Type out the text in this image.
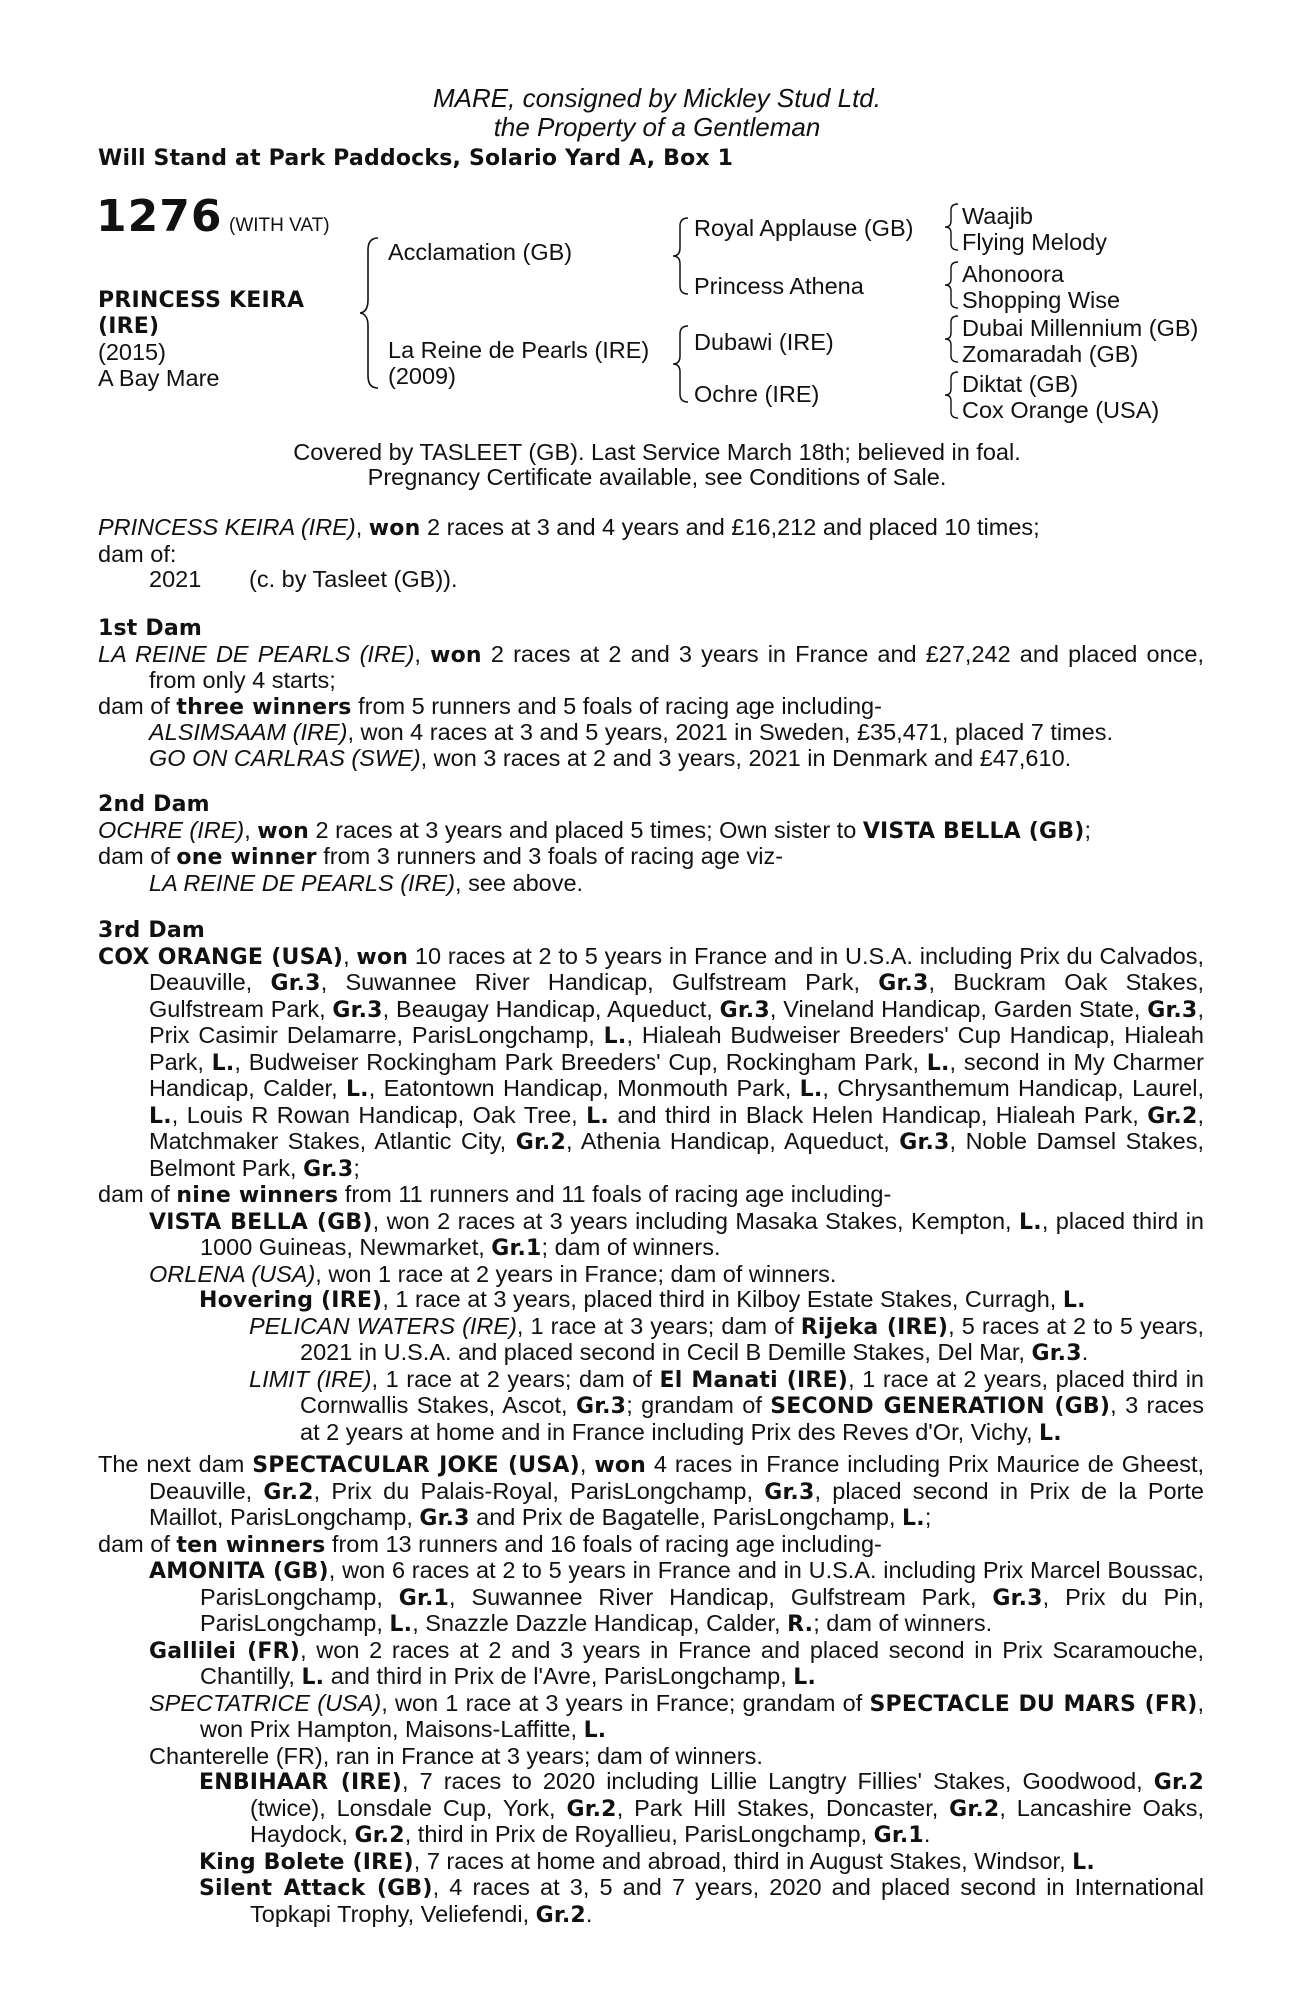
MARE, consigned by Mickley Stud Ltd.
the Property of a Gentleman
Will Stand at Park Paddocks, Solario Yard A, Box 1
1276 (WITH VAT)
PRINCESS KEIRA
(IRE)
(2015)
A Bay Mare
Acclamation (GB)
La Reine de Pearls (IRE)
(2009)
Royal Applause (GB)
Princess Athena
Dubawi (IRE)
Ochre (IRE)
Waajib
Flying Melody
Ahonoora
Shopping Wise
Dubai Millennium (GB)
Zomaradah (GB)
Diktat (GB)
Cox Orange (USA)
Covered by TASLEET (GB). Last Service March 18th; believed in foal.
Pregnancy Certificate available, see Conditions of Sale.

PRINCESS KEIRA (IRE), won 2 races at 3 and 4 years and £16,212 and placed 10 times;

dam of:

2021 (c. by Tasleet (GB)).

1st Dam

LA REINE DE PEARLS (IRE), won 2 races at 2 and 3 years in France and £27,242 and placed once, from only 4 starts;

dam of three winners from 5 runners and 5 foals of racing age including-

ALSIMSAAM (IRE), won 4 races at 3 and 5 years, 2021 in Sweden, £35,471, placed 7 times.

GO ON CARLRAS (SWE), won 3 races at 2 and 3 years, 2021 in Denmark and £47,610.

2nd Dam

OCHRE (IRE), won 2 races at 3 years and placed 5 times; Own sister to VISTA BELLA (GB);

dam of one winner from 3 runners and 3 foals of racing age viz-

LA REINE DE PEARLS (IRE), see above.

3rd Dam

COX ORANGE (USA), won 10 races at 2 to 5 years in France and in U.S.A. including Prix du Calvados, Deauville, Gr.3, Suwannee River Handicap, Gulfstream Park, Gr.3, Buckram Oak Stakes, Gulfstream Park, Gr.3, Beaugay Handicap, Aqueduct, Gr.3, Vineland Handicap, Garden State, Gr.3, Prix Casimir Delamarre, ParisLongchamp, L., Hialeah Budweiser Breeders' Cup Handicap, Hialeah Park, L., Budweiser Rockingham Park Breeders' Cup, Rockingham Park, L., second in My Charmer Handicap, Calder, L., Eatontown Handicap, Monmouth Park, L., Chrysanthemum Handicap, Laurel, L., Louis R Rowan Handicap, Oak Tree, L. and third in Black Helen Handicap, Hialeah Park, Gr.2, Matchmaker Stakes, Atlantic City, Gr.2, Athenia Handicap, Aqueduct, Gr.3, Noble Damsel Stakes, Belmont Park, Gr.3;

dam of nine winners from 11 runners and 11 foals of racing age including-

VISTA BELLA (GB), won 2 races at 3 years including Masaka Stakes, Kempton, L., placed third in 1000 Guineas, Newmarket, Gr.1; dam of winners.

ORLENA (USA), won 1 race at 2 years in France; dam of winners.

Hovering (IRE), 1 race at 3 years, placed third in Kilboy Estate Stakes, Curragh, L.

PELICAN WATERS (IRE), 1 race at 3 years; dam of Rijeka (IRE), 5 races at 2 to 5 years, 2021 in U.S.A. and placed second in Cecil B Demille Stakes, Del Mar, Gr.3.

LIMIT (IRE), 1 race at 2 years; dam of El Manati (IRE), 1 race at 2 years, placed third in Cornwallis Stakes, Ascot, Gr.3; grandam of SECOND GENERATION (GB), 3 races at 2 years at home and in France including Prix des Reves d'Or, Vichy, L.

The next dam SPECTACULAR JOKE (USA), won 4 races in France including Prix Maurice de Gheest, Deauville, Gr.2, Prix du Palais-Royal, ParisLongchamp, Gr.3, placed second in Prix de la Porte Maillot, ParisLongchamp, Gr.3 and Prix de Bagatelle, ParisLongchamp, L.;

dam of ten winners from 13 runners and 16 foals of racing age including-

AMONITA (GB), won 6 races at 2 to 5 years in France and in U.S.A. including Prix Marcel Boussac, ParisLongchamp, Gr.1, Suwannee River Handicap, Gulfstream Park, Gr.3, Prix du Pin, ParisLongchamp, L., Snazzle Dazzle Handicap, Calder, R.; dam of winners.

Gallilei (FR), won 2 races at 2 and 3 years in France and placed second in Prix Scaramouche, Chantilly, L. and third in Prix de l'Avre, ParisLongchamp, L.

SPECTATRICE (USA), won 1 race at 3 years in France; grandam of SPECTACLE DU MARS (FR), won Prix Hampton, Maisons-Laffitte, L.

Chanterelle (FR), ran in France at 3 years; dam of winners.

ENBIHAAR (IRE), 7 races to 2020 including Lillie Langtry Fillies' Stakes, Goodwood, Gr.2 (twice), Lonsdale Cup, York, Gr.2, Park Hill Stakes, Doncaster, Gr.2, Lancashire Oaks, Haydock, Gr.2, third in Prix de Royallieu, ParisLongchamp, Gr.1.

King Bolete (IRE), 7 races at home and abroad, third in August Stakes, Windsor, L.

Silent Attack (GB), 4 races at 3, 5 and 7 years, 2020 and placed second in International Topkapi Trophy, Veliefendi, Gr.2.
